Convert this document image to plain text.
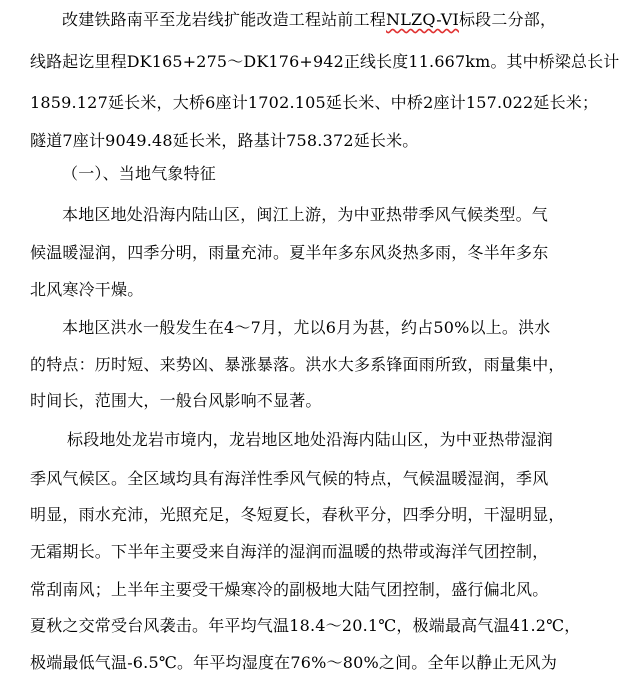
改建铁路南平至龙岩线扩能改造工程站前工程NLZQ-VI标段二分部，
线路起讫里程DK165+275～DK176+942正线长度11.667km。其中桥梁总长计
1859.127延长米，大桥6座计1702.105延长米、中桥2座计157.022延长米；
隧道7座计9049.48延长米，路基计758.372延长米。
（一）、当地气象特征
本地区地处沿海内陆山区，闽江上游，为中亚热带季风气候类型。气
候温暖湿润，四季分明，雨量充沛。夏半年多东风炎热多雨，冬半年多东
北风寒冷干燥。
本地区洪水一般发生在4～7月，尤以6月为甚，约占50%以上。洪水
的特点：历时短、来势凶、暴涨暴落。洪水大多系锋面雨所致，雨量集中，
时间长，范围大，一般台风影响不显著。
标段地处龙岩市境内，龙岩地区地处沿海内陆山区，为中亚热带湿润
季风气候区。全区域均具有海洋性季风气候的特点，气候温暖湿润，季风
明显，雨水充沛，光照充足，冬短夏长，春秋平分，四季分明，干湿明显，
无霜期长。下半年主要受来自海洋的湿润而温暖的热带或海洋气团控制，
常刮南风；上半年主要受干燥寒冷的副极地大陆气团控制，盛行偏北风。
夏秋之交常受台风袭击。年平均气温18.4～20.1℃，极端最高气温41.2℃，
极端最低气温-6.5℃。年平均湿度在76%～80%之间。全年以静止无风为
